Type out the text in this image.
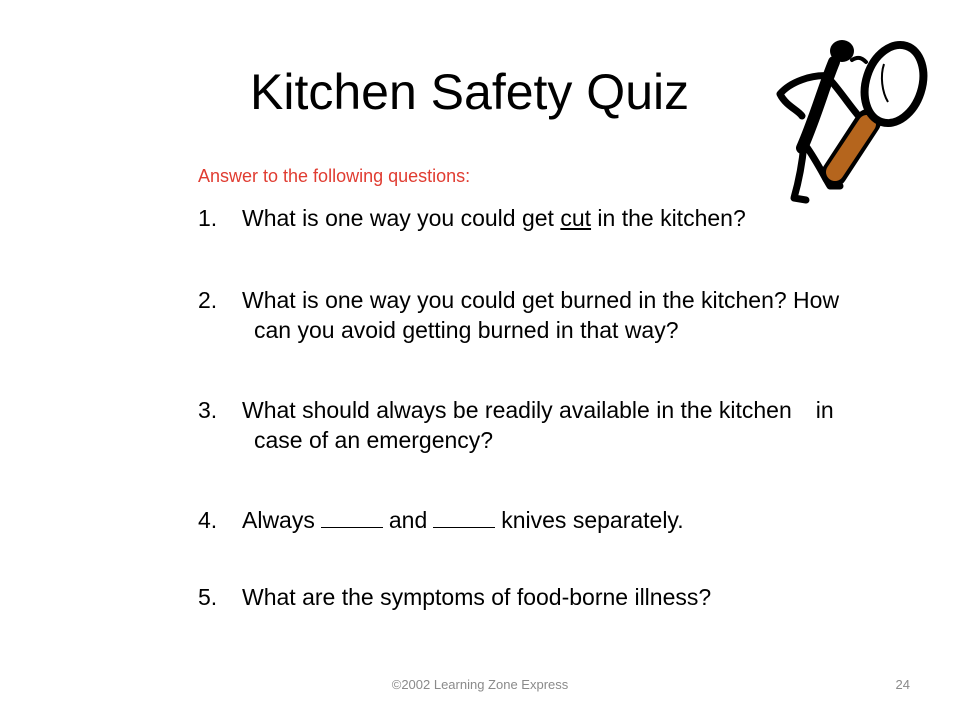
Kitchen Safety Quiz
Answer to the following questions:
1.	What is one way you could get cut in the kitchen?
2.	What is one way you could get burned in the kitchen? How
can you avoid getting burned in that way?
3.	What should always be readily available in the kitchen in
case of an emergency?
4.	Always	and	knives separately.
5.	What are the symptoms of food-borne illness?
©2002 Learning Zone Express	24
